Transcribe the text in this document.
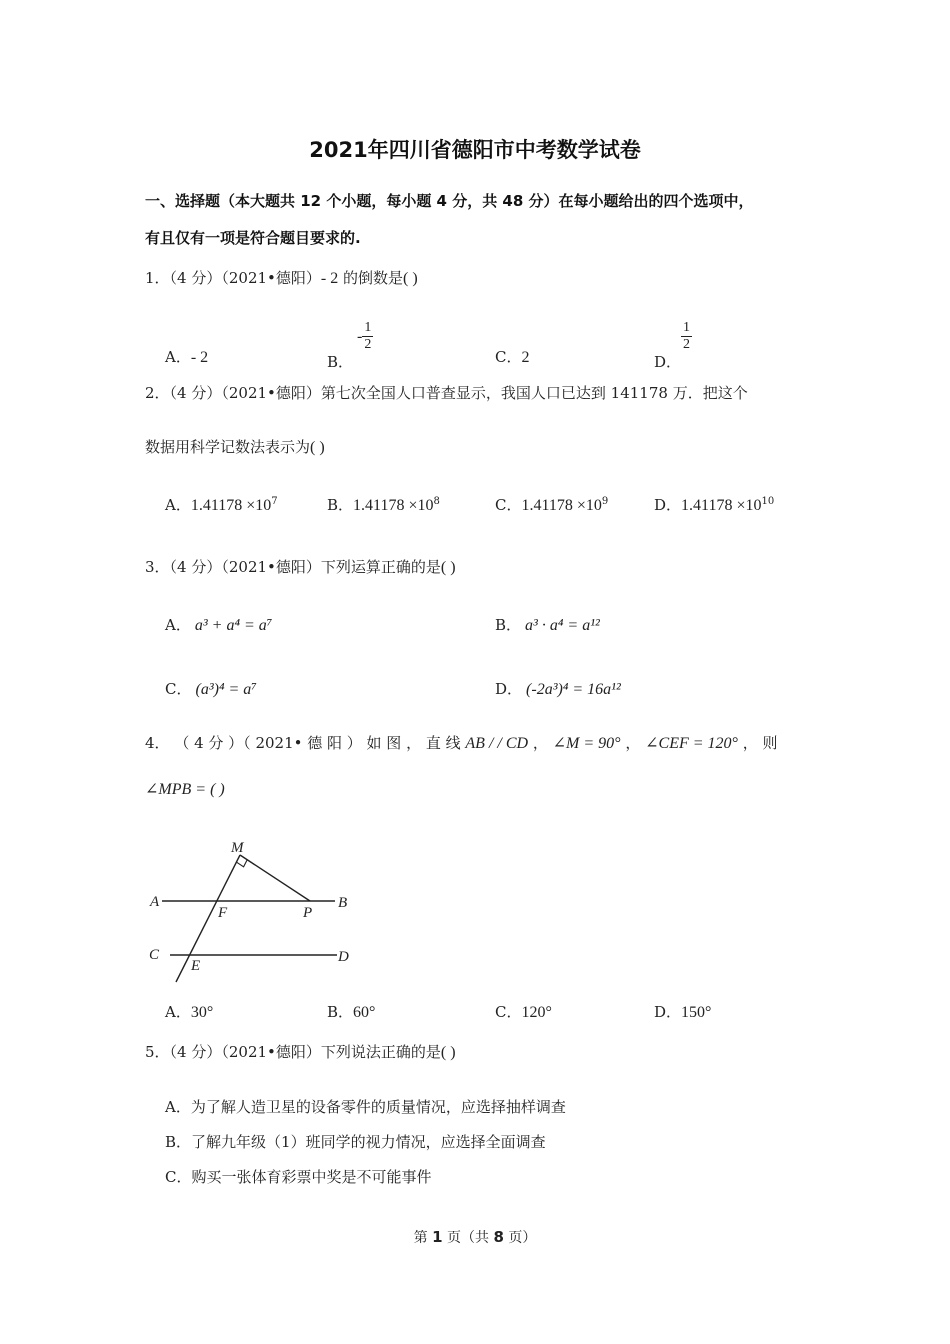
2021年四川省德阳市中考数学试卷
一、选择题（本大题共 12 个小题，每小题 4 分，共 48 分）在每小题给出的四个选项中，
有且仅有一项是符合题目要求的.
1．（4 分）（2021•德阳）- 2 的倒数是( )
A．- 2	B．- $\frac{1}{2}$
C．2	D．
$\frac{1}{2}$
2．（4 分）（2021•德阳）第七次全国人口普查显示，我国人口已达到 141178 万．把这个
数据用科学记数法表示为( )
A．$1.41178 \times 10^7$	B．$1.41178 \times 10^8$	C．$1.41178 \times 10^9$	D．$1.41178 \times 10^{10}$
3．（4 分）（2021•德阳）下列运算正确的是( )
A． a³ + a⁴ = a⁷	B． a³ · a⁴ = a¹²
C． (a³)⁴ = a⁷	D． (-2a³)⁴ = 16a¹²
4． （ 4 分 ）（ 2021• 德 阳 ） 如 图 ， 直 线 AB / / CD ， ∠M = 90° ， ∠CEF = 120° ， 则
∠MPB = ( )
M
A
F	P
B
C
E
D
A．30°	B．60°	C．120°	D．150°
5．（4 分）（2021•德阳）下列说法正确的是( )
A．为了解人造卫星的设备零件的质量情况，应选择抽样调查
B．了解九年级（1）班同学的视力情况，应选择全面调查
C．购买一张体育彩票中奖是不可能事件
第 1 页（共 8 页）
